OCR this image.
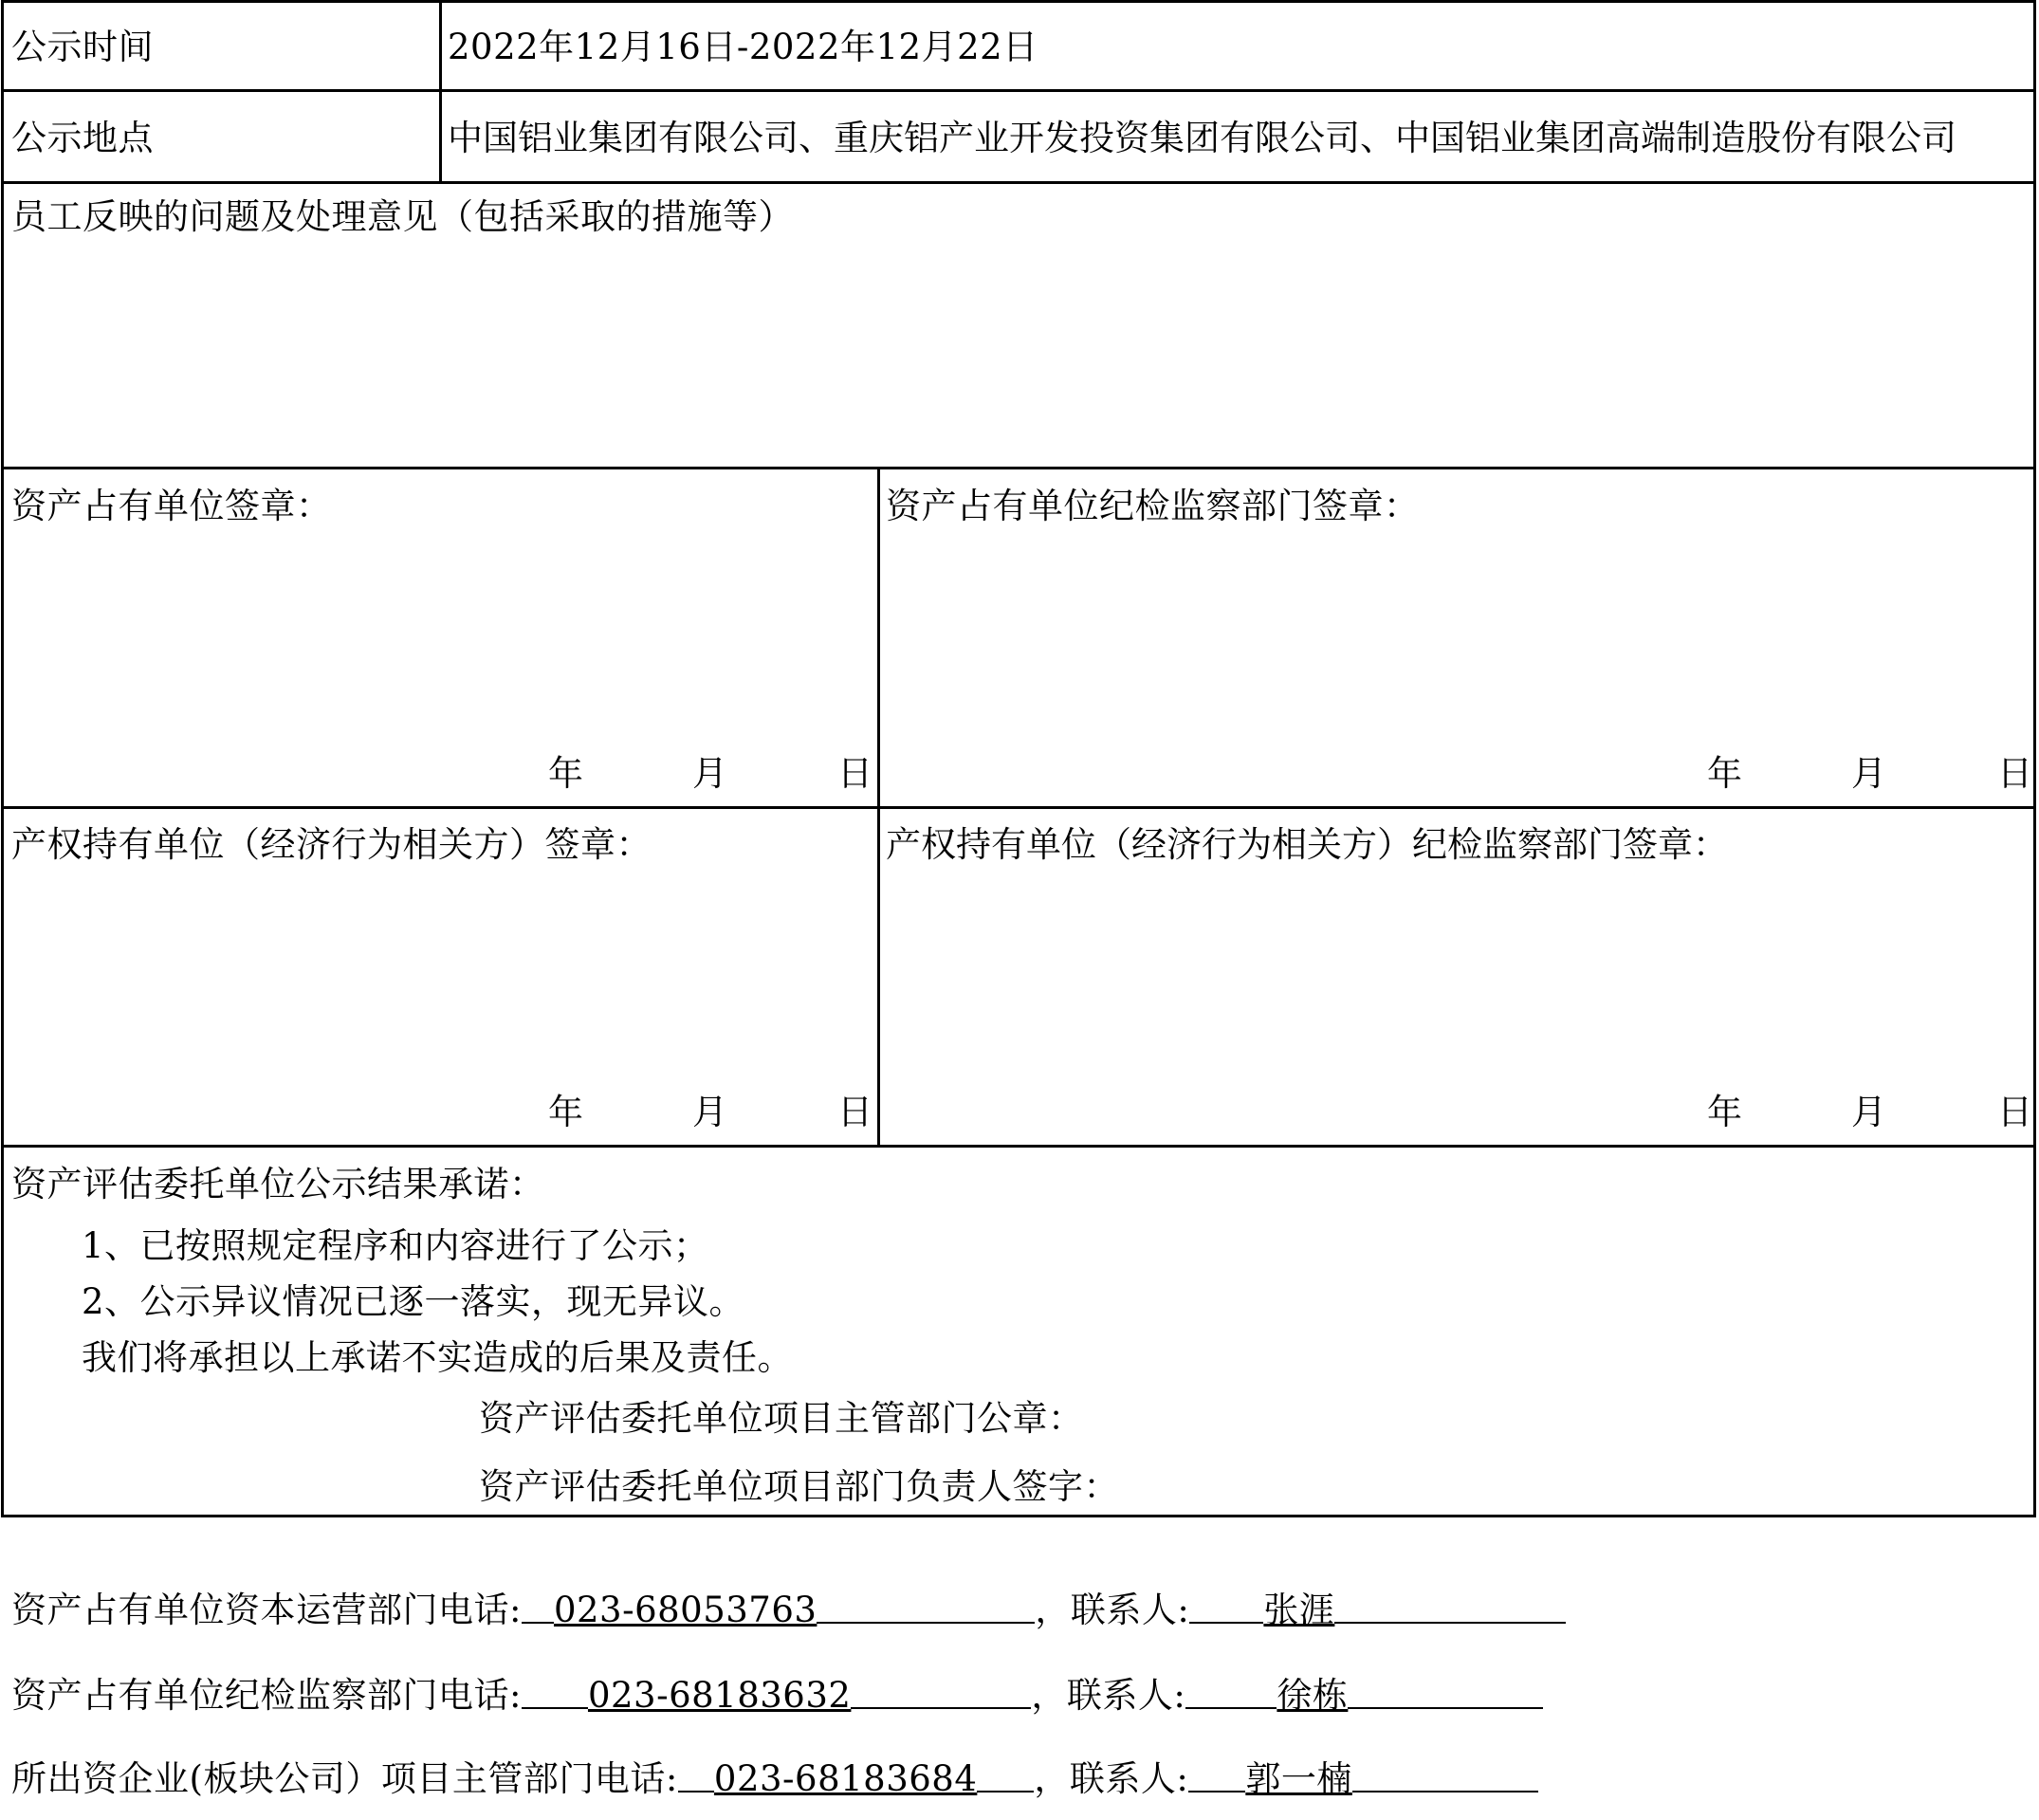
公示时间	2022年12月16日-2022年12月22日
公示地点	中国铝业集团有限公司、重庆铝产业开发投资集团有限公司、中国铝业集团高端制造股份有限公司
员工反映的问题及处理意见（包括采取的措施等）
资产占有单位签章：
年	月	日
资产占有单位纪检监察部门签章：
年	月	日
产权持有单位（经济行为相关方）签章：
年	月	日
产权持有单位（经济行为相关方）纪检监察部门签章：
年	月	日
资产评估委托单位公示结果承诺：
1、已按照规定程序和内容进行了公示；
2、公示异议情况已逐一落实，现无异议。
我们将承担以上承诺不实造成的后果及责任。
资产评估委托单位项目主管部门公章：
资产评估委托单位项目部门负责人签字：
资产占有单位资本运营部门电话: 023-68053763	，联系人: 张涯
资产占有单位纪检监察部门电话: 023-68183632	，联系人:	徐栋
所出资企业(板块公司）项目主管部门电话: 023-68183684 ，联系人: 郭一楠
